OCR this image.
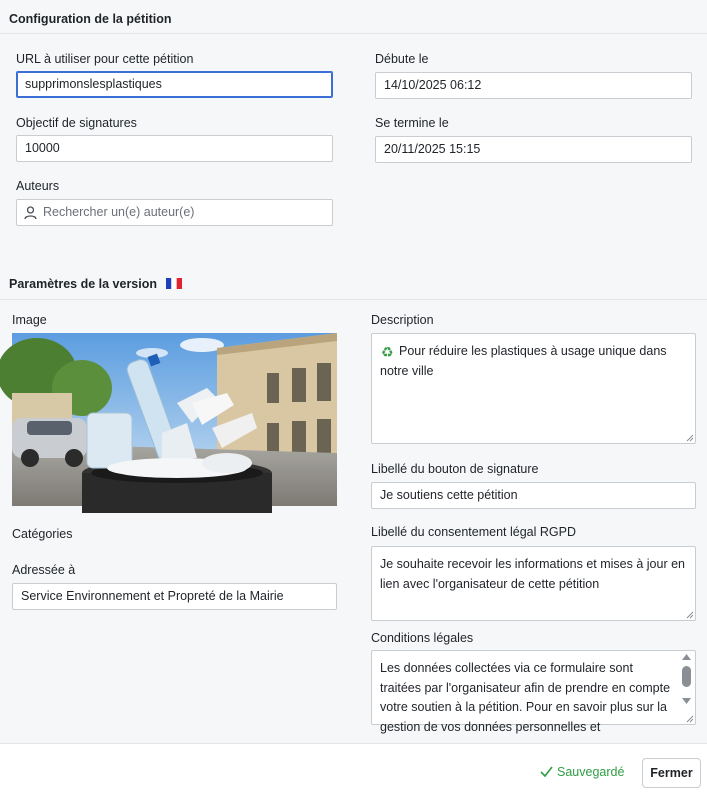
Configuration de la pétition
URL à utiliser pour cette pétition
supprimonslesplastiques
Débute le
14/10/2025 06:12
Objectif de signatures
10000
Se termine le
20/11/2025 15:15
Auteurs
Rechercher un(e) auteur(e)
Paramètres de la version
Image	Description
♻ Pour réduire les plastiques à usage unique dans notre ville
Libellé du bouton de signature
Je soutiens cette pétition
Catégories	Libellé du consentement légal RGPD
Je souhaite recevoir les informations et mises à jour en lien avec l'organisateur de cette pétition
Adressée à
Service Environnement et Propreté de la Mairie
Conditions légales
Les données collectées via ce formulaire sont traitées par l'organisateur afin de prendre en compte votre soutien à la pétition. Pour en savoir plus sur la gestion de vos données personnelles et
Sauvegardé	Fermer
